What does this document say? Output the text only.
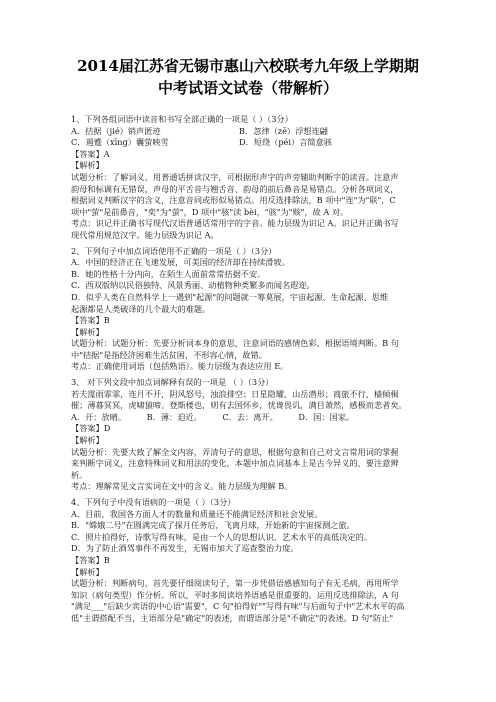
2014届江苏省无锡市惠山六校联考九年级上学期期
中考试语文试卷（带解析）
1、下列各组词语中读音和书写全部正确的一项是（ ）（3分）
A．拮据（jié）销声匿迹	B．忽律（zē）浮想连翩
C．遏蹙（xīng）囊萤映雪	D．短绕（péi）言简意骇
【答案】A
【解析】
试题分析：了解词义，用普通话拼读汉字，可根据形声字的声旁辅助判断字的读音。注意声
韵母和标调有无错误，声母的平舌音与翘舌音、韵母的前后鼻音是易错点。分析各项词义，
根据词义判断汉字的含义，注意音同或形似易错点。用反选排除法，B 项中"连"为"联"，C
项中"萤"是前鼻音，"奕"为"萤"，D 项中"骇"读 bèi，"骇"为"赅"，故 A 对。
考点：识记并正确书写现代汉语普通话常用字的字音。能力层级为识记 A。识记并正确书写
现代常用规范汉字。能力层级为识记 A。
2、下列句子中加点词语使用不正确的一项是（ ）（3分）
A．中国的经济正在飞速发展，可美国的经济却在持续滑坡。
B．她的性格十分内向，在陌生人面前常常拮据不安。
C．西双版纳以民俗独特、风景秀丽、动植物种类繁多而闻名遐迩。
D．似乎人类在自然科学上一遇到"起源"的问题就一筹莫展，宇宙起源、生命起源、思维
起源都是人类破译的几个最大的难题。
【答案】B
【解析】
试题分析：试题分析：先要分析词本身的意思，注意词语的感情色彩，根据语境判断。B 句
中"拮据"是指经济困难生活贫困，不形容心情，故错。
考点：正确使用词语（包括熟语）。能力层级为表达应用 E。
3、 对下列文段中加点词解释有误的一项是 （ ）（3分）
若夫霪雨霏霏，连月不开，阴风怒号，浊浪排空；日星隐耀，山岳潜形；商旅不行，樯倾楫
摧；薄暮冥冥，虎啸猿啼。登斯楼也，则有去国怀乡，忧谗畏讥，满目萧然，感极而悲者矣。
A．开：放晴。	B．薄：迫近。	C．去：离开。	D．国：国家。
【答案】D
【解析】
试题分析：先要大致了解全文内容，弄清句子的意思，根据句意和自己对文言常用词的掌握
来判断字词义，注意特殊词义和用法的变化，本题中加点词基本上是古今异义的，要注意辨
析。
考点：理解常见文言实词在文中的含义。能力层级为理解 B。
4、下列句子中没有语病的一项是（ ）（3分）
A．目前，我国各方面人才的数量和质量还不能满足经济和社会发展。
B．"嫦娥二号"在圆满完成了探月任务后，飞离月球，开始新的宇宙探测之旅。
C．照片拍得好，诗歌写得有味，是由一个人的思想认识、艺术水平的高低决定的。
D．为了防止酒驾事件不再发生，无锡市加大了巡查整治力度。
【答案】B
【解析】
试题分析：判断病句，首先要仔细阅读句子，第一步凭借语感感知句子有无毛病，再用所学
知识（病句类型）作分析。所以，平时多阅读培养语感是很重要的。运用反选排除法，A 句
"满足___"后缺少宾语的中心语"需要"，C 句"拍得好""写得有味"与后面句子中"艺术水平的高
低"主谓搭配不当，主语部分是"确定"的表述，而谓语部分是"不确定"的表述。D 句"防止"
